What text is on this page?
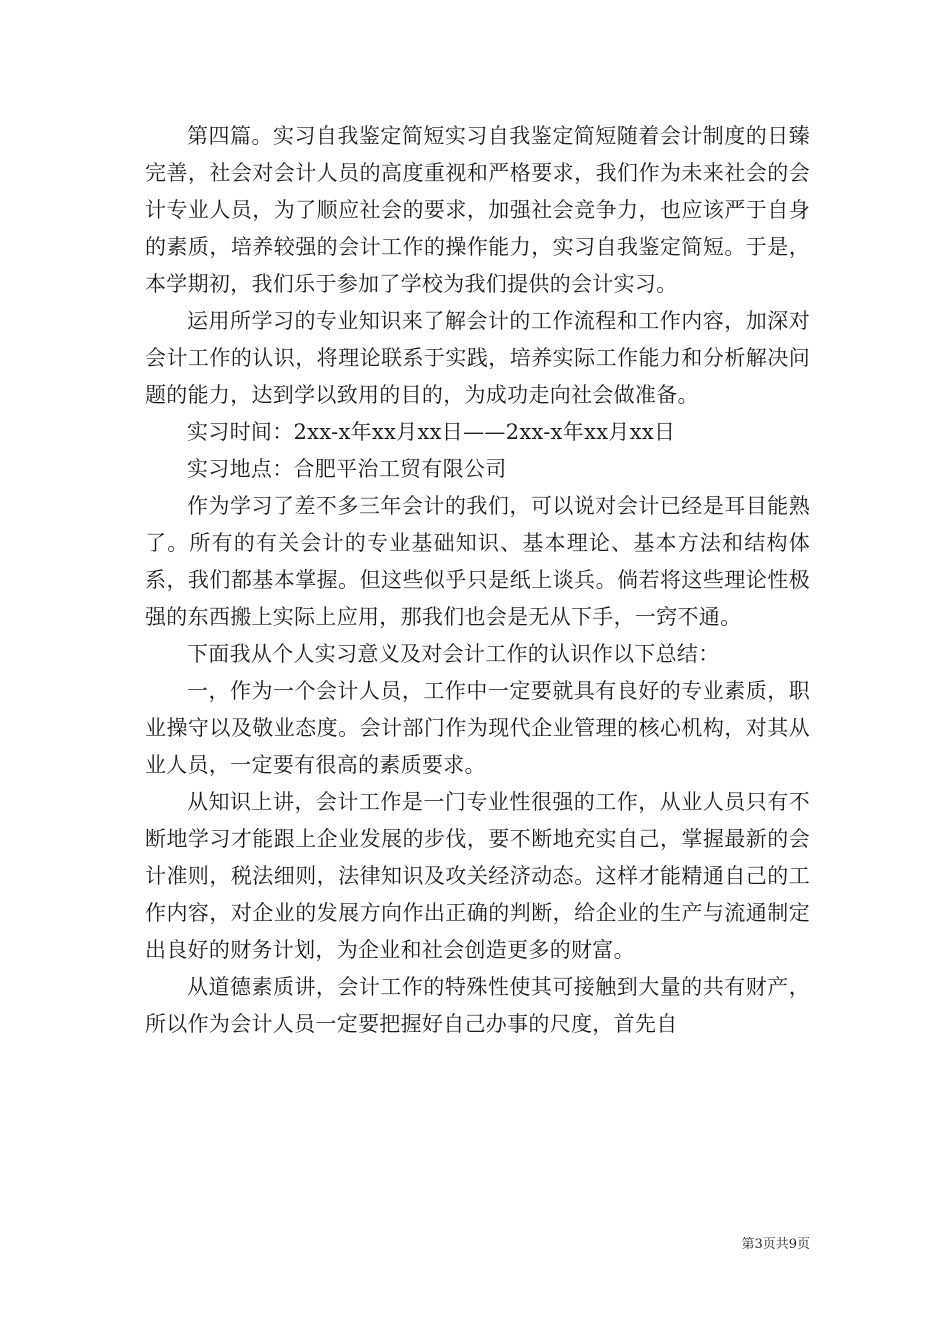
第四篇。实习自我鉴定简短实习自我鉴定简短随着会计制度的日臻完善，社会对会计人员的高度重视和严格要求，我们作为未来社会的会计专业人员，为了顺应社会的要求，加强社会竞争力，也应该严于自身的素质，培养较强的会计工作的操作能力，实习自我鉴定简短。于是，本学期初，我们乐于参加了学校为我们提供的会计实习。

运用所学习的专业知识来了解会计的工作流程和工作内容，加深对会计工作的认识，将理论联系于实践，培养实际工作能力和分析解决问题的能力，达到学以致用的目的，为成功走向社会做准备。

实习时间：2xx-x年xx月xx日——2xx-x年xx月xx日

实习地点：合肥平治工贸有限公司

作为学习了差不多三年会计的我们，可以说对会计已经是耳目能熟了。所有的有关会计的专业基础知识、基本理论、基本方法和结构体系，我们都基本掌握。但这些似乎只是纸上谈兵。倘若将这些理论性极强的东西搬上实际上应用，那我们也会是无从下手，一窍不通。

下面我从个人实习意义及对会计工作的认识作以下总结：

一，作为一个会计人员，工作中一定要就具有良好的专业素质，职业操守以及敬业态度。会计部门作为现代企业管理的核心机构，对其从业人员，一定要有很高的素质要求。

从知识上讲，会计工作是一门专业性很强的工作，从业人员只有不断地学习才能跟上企业发展的步伐，要不断地充实自己，掌握最新的会计准则，税法细则，法律知识及攻关经济动态。这样才能精通自己的工作内容，对企业的发展方向作出正确的判断，给企业的生产与流通制定出良好的财务计划，为企业和社会创造更多的财富。

从道德素质讲，会计工作的特殊性使其可接触到大量的共有财产，所以作为会计人员一定要把握好自己办事的尺度，首先自

第3页共9页
